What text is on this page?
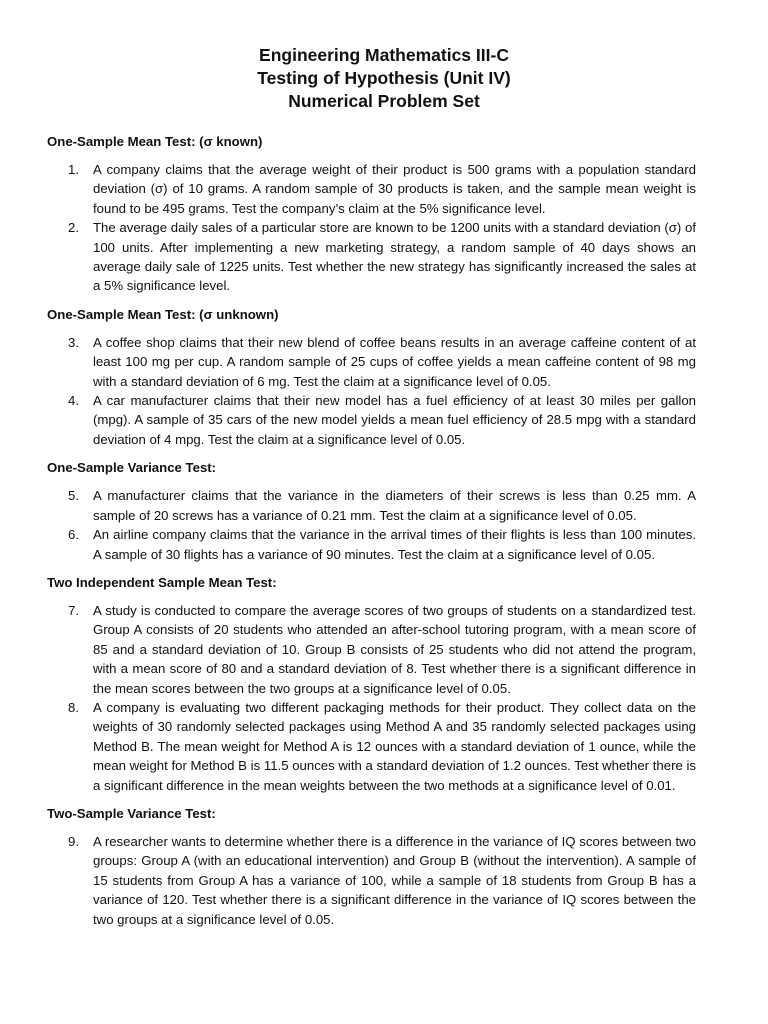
Engineering Mathematics III-C
Testing of Hypothesis (Unit IV)
Numerical Problem Set

One-Sample Mean Test: (σ known)

1. A company claims that the average weight of their product is 500 grams with a population standard deviation (σ) of 10 grams. A random sample of 30 products is taken, and the sample mean weight is found to be 495 grams. Test the company’s claim at the 5% significance level.
2. The average daily sales of a particular store are known to be 1200 units with a standard deviation (σ) of 100 units. After implementing a new marketing strategy, a random sample of 40 days shows an average daily sale of 1225 units. Test whether the new strategy has significantly increased the sales at a 5% significance level.

One-Sample Mean Test: (σ unknown)

3. A coffee shop claims that their new blend of coffee beans results in an average caffeine content of at least 100 mg per cup. A random sample of 25 cups of coffee yields a mean caffeine content of 98 mg with a standard deviation of 6 mg. Test the claim at a significance level of 0.05.
4. A car manufacturer claims that their new model has a fuel efficiency of at least 30 miles per gallon (mpg). A sample of 35 cars of the new model yields a mean fuel efficiency of 28.5 mpg with a standard deviation of 4 mpg. Test the claim at a significance level of 0.05.

One-Sample Variance Test:

5. A manufacturer claims that the variance in the diameters of their screws is less than 0.25 mm. A sample of 20 screws has a variance of 0.21 mm. Test the claim at a significance level of 0.05.
6. An airline company claims that the variance in the arrival times of their flights is less than 100 minutes. A sample of 30 flights has a variance of 90 minutes. Test the claim at a significance level of 0.05.

Two Independent Sample Mean Test:

7. A study is conducted to compare the average scores of two groups of students on a standardized test. Group A consists of 20 students who attended an after-school tutoring program, with a mean score of 85 and a standard deviation of 10. Group B consists of 25 students who did not attend the program, with a mean score of 80 and a standard deviation of 8. Test whether there is a significant difference in the mean scores between the two groups at a significance level of 0.05.
8. A company is evaluating two different packaging methods for their product. They collect data on the weights of 30 randomly selected packages using Method A and 35 randomly selected packages using Method B. The mean weight for Method A is 12 ounces with a standard deviation of 1 ounce, while the mean weight for Method B is 11.5 ounces with a standard deviation of 1.2 ounces. Test whether there is a significant difference in the mean weights between the two methods at a significance level of 0.01.

Two-Sample Variance Test:

9. A researcher wants to determine whether there is a difference in the variance of IQ scores between two groups: Group A (with an educational intervention) and Group B (without the intervention). A sample of 15 students from Group A has a variance of 100, while a sample of 18 students from Group B has a variance of 120. Test whether there is a significant difference in the variance of IQ scores between the two groups at a significance level of 0.05.
